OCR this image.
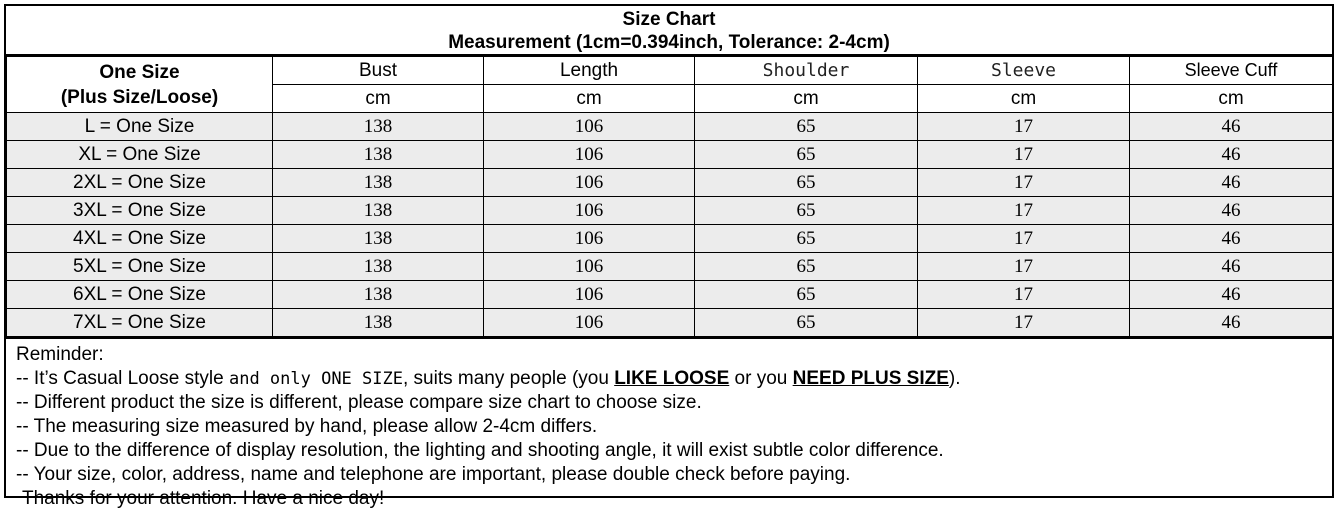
Size Chart
Measurement (1cm=0.394inch, Tolerance: 2-4cm)
One Size
(Plus Size/Loose)	Bust	Length	Shoulder	Sleeve	Sleeve Cuff
	cm	cm	cm	cm	cm
L = One Size	138	106	65	17	46
XL = One Size	138	106	65	17	46
2XL = One Size	138	106	65	17	46
3XL = One Size	138	106	65	17	46
4XL = One Size	138	106	65	17	46
5XL = One Size	138	106	65	17	46
6XL = One Size	138	106	65	17	46
7XL = One Size	138	106	65	17	46
Reminder:
-- It’s Casual Loose style and only ONE SIZE, suits many people (you LIKE LOOSE or you NEED PLUS SIZE).
-- Different product the size is different, please compare size chart to choose size.
-- The measuring size measured by hand, please allow 2-4cm differs.
-- Due to the difference of display resolution, the lighting and shooting angle, it will exist subtle color difference.
-- Your size, color, address, name and telephone are important, please double check before paying.
Thanks for your attention. Have a nice day!
